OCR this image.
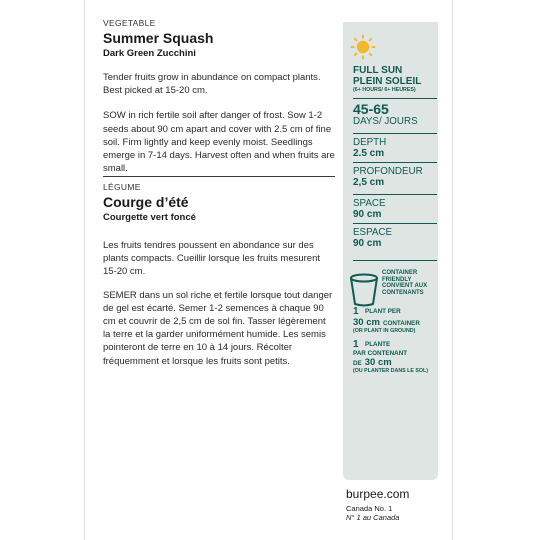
VEGETABLE

Summer Squash

Dark Green Zucchini

Tender fruits grow in abundance on compact plants. Best picked at 15-20 cm.

SOW in rich fertile soil after danger of frost. Sow 1-2 seeds about 90 cm apart and cover with 2.5 cm of fine soil. Firm lightly and keep evenly moist. Seedlings emerge in 7-14 days. Harvest often and when fruits are small.

LÉGUME

Courge d’été

Courgette vert foncé

Les fruits tendres poussent en abondance sur des plants compacts. Cueillir lorsque les fruits mesurent 15-20 cm.

SEMER dans un sol riche et fertile lorsque tout danger de gel est écarté. Semer 1-2 semences à chaque 90 cm et couvrir de 2,5 cm de sol fin. Tasser légèrement la terre et la garder uniformément humide. Les semis pointeront de terre en 10 à 14 jours. Récolter fréquemment et lorsque les fruits sont petits.

FULL SUN
PLEIN SOLEIL
(6+ HOURS/ 6+ HEURES)
45-65
DAYS/ JOURS
DEPTH
2.5 cm
PROFONDEUR
2,5 cm
SPACE
90 cm
ESPACE
90 cm
CONTAINER FRIENDLY
CONVIENT AUX CONTENANTS
1	PLANT PER
30 cm CONTAINER
(OR PLANT IN GROUND)
1	PLANTE
PAR CONTENANT
DE 30 cm
(OU PLANTER DANS LE SOL)
burpee.com
Canada No. 1
N° 1 au Canada
